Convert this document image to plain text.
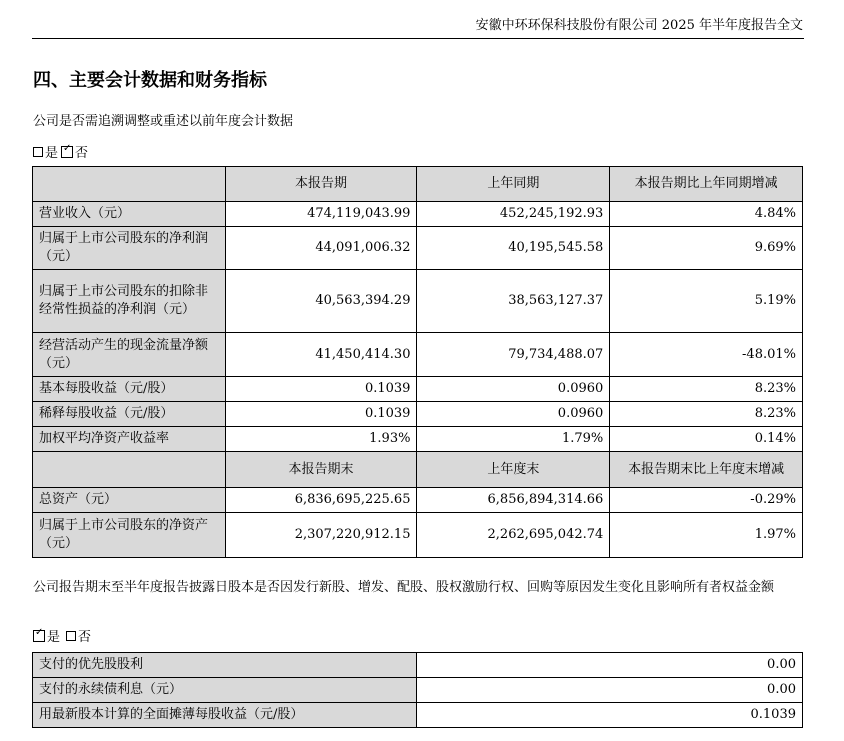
安徽中环环保科技股份有限公司 2025 年半年度报告全文
四、主要会计数据和财务指标
公司是否需追溯调整或重述以前年度会计数据
是 ✓ 否
	本报告期	上年同期	本报告期比上年同期增减
营业收入（元）	474,119,043.99	452,245,192.93	4.84%
归属于上市公司股东的净利润（元）	44,091,006.32	40,195,545.58	9.69%
归属于上市公司股东的扣除非经常性损益的净利润（元）	40,563,394.29	38,563,127.37	5.19%
经营活动产生的现金流量净额（元）	41,450,414.30	79,734,488.07	-48.01%
基本每股收益（元/股）	0.1039	0.0960	8.23%
稀释每股收益（元/股）	0.1039	0.0960	8.23%
加权平均净资产收益率	1.93%	1.79%	0.14%
	本报告期末	上年度末	本报告期末比上年度末增减
总资产（元）	6,836,695,225.65	6,856,894,314.66	-0.29%
归属于上市公司股东的净资产（元）	2,307,220,912.15	2,262,695,042.74	1.97%
公司报告期末至半年度报告披露日股本是否因发行新股、增发、配股、股权激励行权、回购等原因发生变化且影响所有者权益金额
✓
是 否
支付的优先股股利	0.00
支付的永续债利息（元）	0.00
用最新股本计算的全面摊薄每股收益（元/股）	0.1039
